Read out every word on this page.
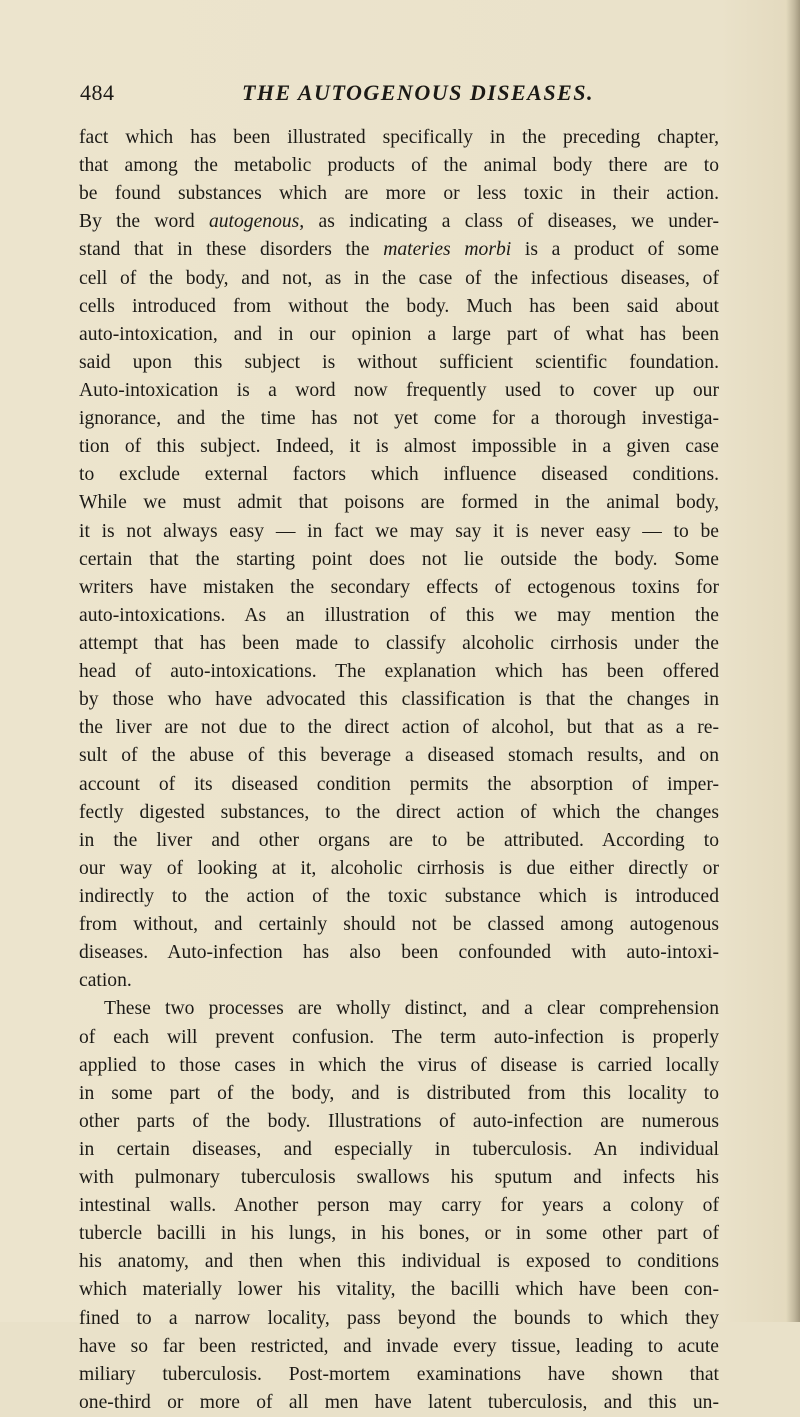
484	THE AUTOGENOUS DISEASES.
fact which has been illustrated specifically in the preceding chapter,
that among the metabolic products of the animal body there are to
be found substances which are more or less toxic in their action.
By the word autogenous, as indicating a class of diseases, we under-
stand that in these disorders the materies morbi is a product of some
cell of the body, and not, as in the case of the infectious diseases, of
cells introduced from without the body. Much has been said about
auto-intoxication, and in our opinion a large part of what has been
said upon this subject is without sufficient scientific foundation.
Auto-intoxication is a word now frequently used to cover up our
ignorance, and the time has not yet come for a thorough investiga-
tion of this subject. Indeed, it is almost impossible in a given case
to exclude external factors which influence diseased conditions.
While we must admit that poisons are formed in the animal body,
it is not always easy — in fact we may say it is never easy — to be
certain that the starting point does not lie outside the body. Some
writers have mistaken the secondary effects of ectogenous toxins for
auto-intoxications. As an illustration of this we may mention the
attempt that has been made to classify alcoholic cirrhosis under the
head of auto-intoxications. The explanation which has been offered
by those who have advocated this classification is that the changes in
the liver are not due to the direct action of alcohol, but that as a re-
sult of the abuse of this beverage a diseased stomach results, and on
account of its diseased condition permits the absorption of imper-
fectly digested substances, to the direct action of which the changes
in the liver and other organs are to be attributed. According to
our way of looking at it, alcoholic cirrhosis is due either directly or
indirectly to the action of the toxic substance which is introduced
from without, and certainly should not be classed among autogenous
diseases. Auto-infection has also been confounded with auto-intoxi-
cation.
These two processes are wholly distinct, and a clear comprehension
of each will prevent confusion. The term auto-infection is properly
applied to those cases in which the virus of disease is carried locally
in some part of the body, and is distributed from this locality to
other parts of the body. Illustrations of auto-infection are numerous
in certain diseases, and especially in tuberculosis. An individual
with pulmonary tuberculosis swallows his sputum and infects his
intestinal walls. Another person may carry for years a colony of
tubercle bacilli in his lungs, in his bones, or in some other part of
his anatomy, and then when this individual is exposed to conditions
which materially lower his vitality, the bacilli which have been con-
fined to a narrow locality, pass beyond the bounds to which they
have so far been restricted, and invade every tissue, leading to acute
miliary tuberculosis. Post-mortem examinations have shown that
one-third or more of all men have latent tuberculosis, and this un-
